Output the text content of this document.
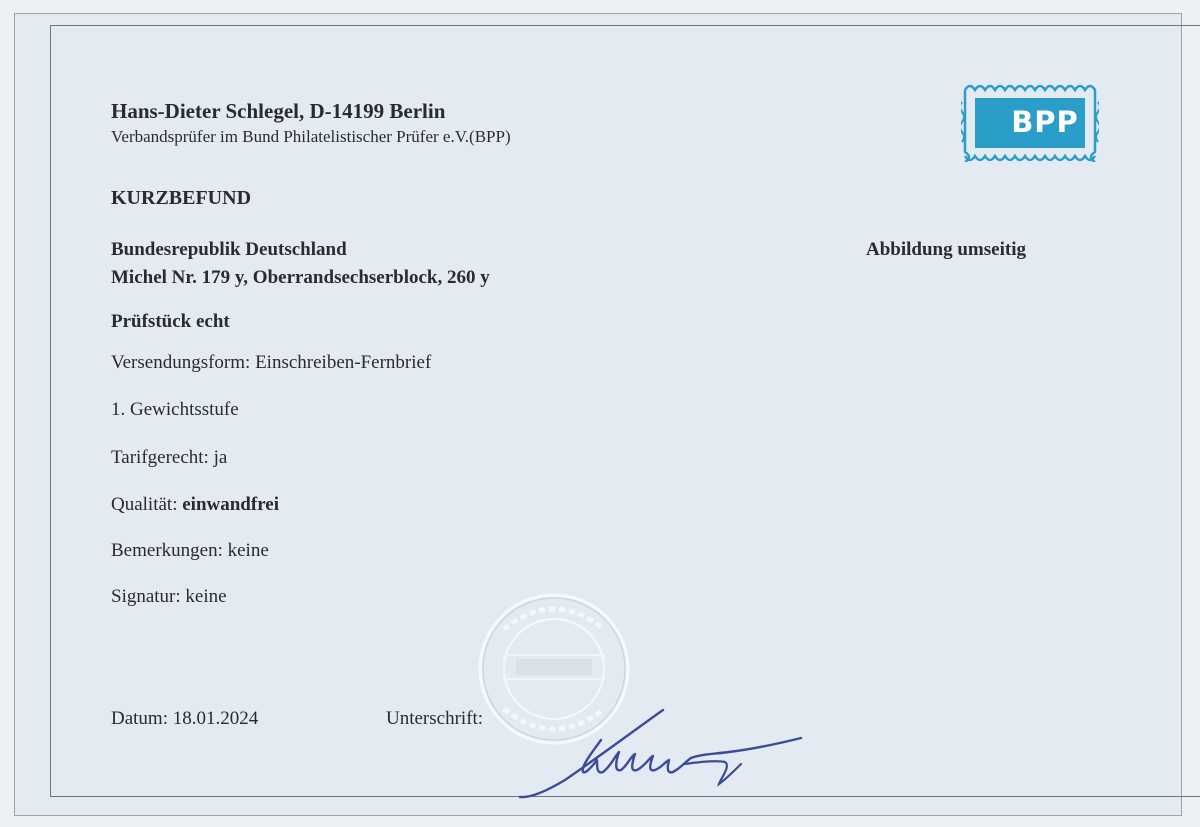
Hans-Dieter Schlegel, D-14199 Berlin
Verbandsprüfer im Bund Philatelistischer Prüfer e.V.(BPP)	BPP
KURZBEFUND
Bundesrepublik Deutschland
Michel Nr. 179 y, Oberrandsechserblock, 260 y
Abbildung umseitig
Prüfstück echt
Versendungsform: Einschreiben-Fernbrief
1. Gewichtsstufe
Tarifgerecht: ja
Qualität: einwandfrei
Bemerkungen: keine
Signatur: keine
Datum: 18.01.2024	Unterschrift:
